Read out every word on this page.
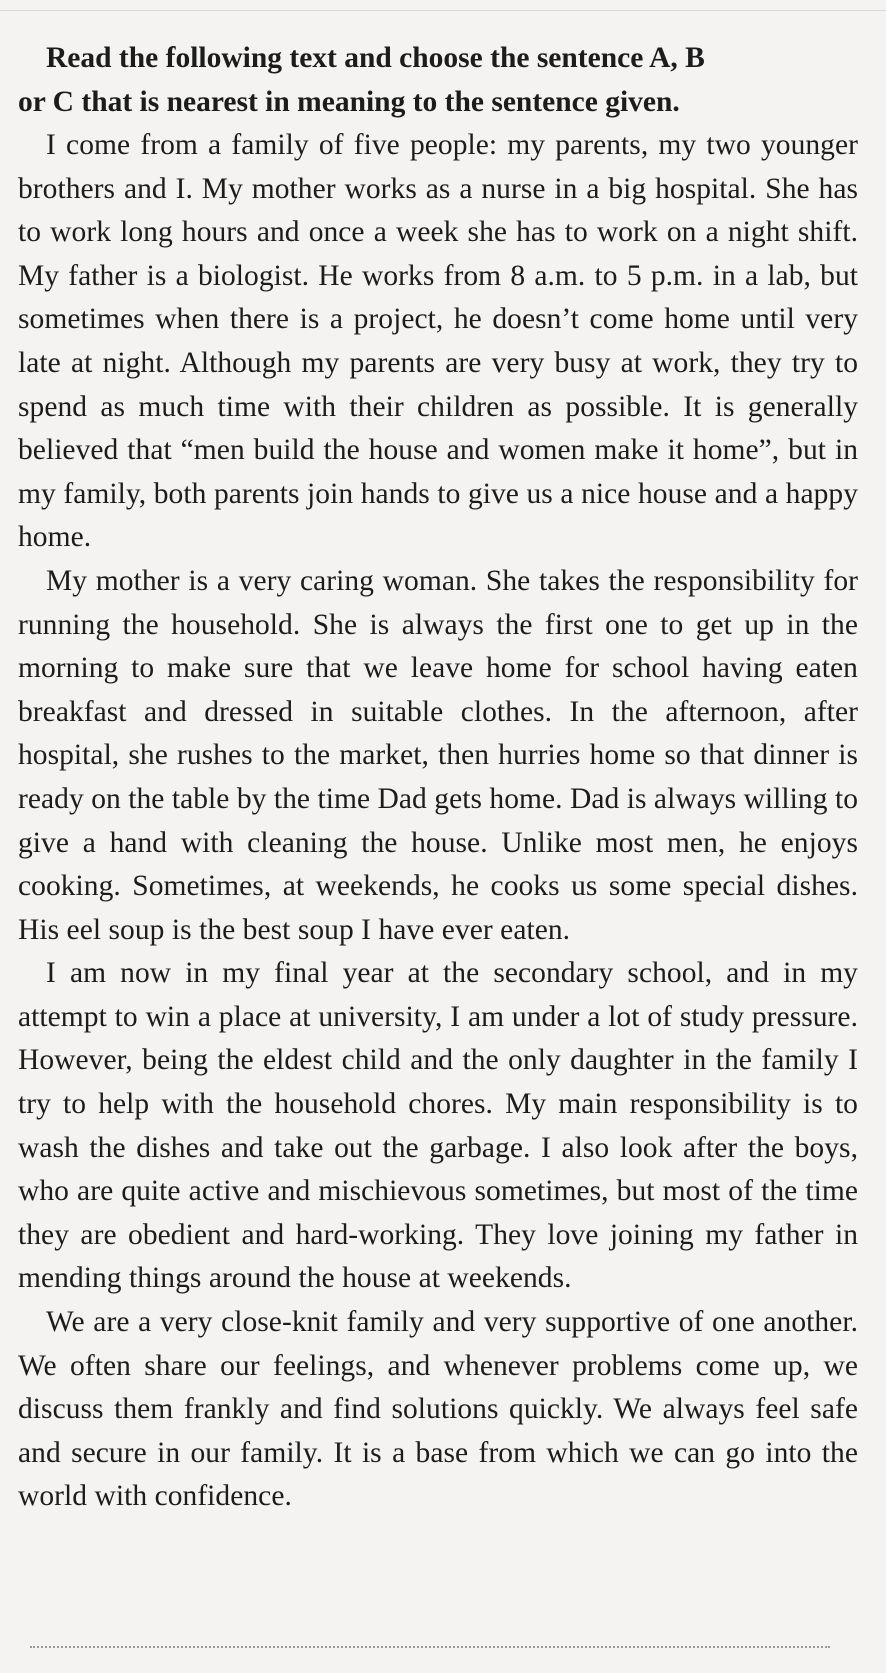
Read the following text and choose the sentence A, B
or C that is nearest in meaning to the sentence given.

I come from a family of five people: my parents, my two younger brothers and I. My mother works as a nurse in a big hospital. She has to work long hours and once a week she has to work on a night shift. My father is a biologist. He works from 8 a.m. to 5 p.m. in a lab, but sometimes when there is a project, he doesn’t come home until very late at night. Although my parents are very busy at work, they try to spend as much time with their children as possible. It is generally believed that “men build the house and women make it home”, but in my family, both parents join hands to give us a nice house and a happy home.

My mother is a very caring woman. She takes the responsibility for running the household. She is always the first one to get up in the morning to make sure that we leave home for school having eaten breakfast and dressed in suitable clothes. In the afternoon, after hospital, she rushes to the market, then hurries home so that dinner is ready on the table by the time Dad gets home. Dad is always willing to give a hand with cleaning the house. Unlike most men, he enjoys cooking. Sometimes, at weekends, he cooks us some special dishes. His eel soup is the best soup I have ever eaten.

I am now in my final year at the secondary school, and in my attempt to win a place at university, I am under a lot of study pressure. However, being the eldest child and the only daughter in the family I try to help with the household chores. My main responsibility is to wash the dishes and take out the garbage. I also look after the boys, who are quite active and mischievous sometimes, but most of the time they are obedient and hard-working. They love joining my father in mending things around the house at weekends.

We are a very close-knit family and very supportive of one another. We often share our feelings, and whenever problems come up, we discuss them frankly and find solutions quickly. We always feel safe and secure in our family. It is a base from which we can go into the world with confidence.
